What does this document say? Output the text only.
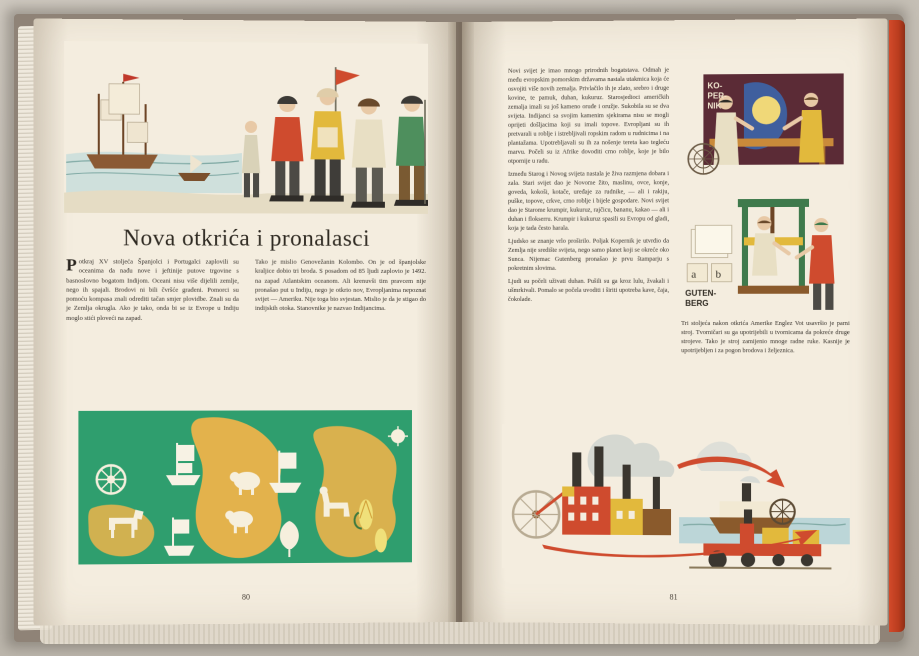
Nova otkrića i pronalasci

Potkraj XV stoljeća Španjolci i Portugalci zaplovili su oceanima da nađu nove i jeftinije putove trgovine s basnoslovno bogatom Indijom. Oceani nisu više dijelili zemlje, nego ih spajali. Brodovi ni bili čvršće građeni. Pomorci su pomoću kompasa znali odrediti tačan smjer plovidbe. Znali su da je Zemlja okrugla. Ako je tako, onda bi se iz Evrope u Indiju moglo stići ploveći na zapad.

Tako je mislio Genovežanin Kolombo. On je od španjolske kraljice dobio tri broda. S posadom od 85 ljudi zaplovio je 1492. na zapad Atlantskim oceanom. Ali krenuvši tim pravcem nije pronašao put u Indiju, nego je otkrio nov, Evropljanima nepoznat svijet — Ameriku. Nije toga bio svjestan. Mislio je da je stigao do indijskih otoka. Stanovnike je nazvao Indijancima.

80

Novi svijet je imao mnogo prirodnih bogatstava. Odmah je među evropskim pomorskim državama nastala utakmica koja će osvojiti više novih zemalja. Privlačilo ih je zlato, srebro i druge kovine, te pamuk, duhan, kukuruz. Starosjedioci američkih zemalja imali su još kameno oruđe i oružje. Sukobila su se dva svijeta. Indijanci sa svojim kamenim sjekirama nisu se mogli oprijeti došljacima koji su imali topove. Evropljani su ih pretvarali u roblje i istrebljivali ropskim radom u rudnicima i na plantažama. Upotrebljavali su ih za nošenje tereta kao tegleću marvu. Počeli su iz Afrike dovoditi crno roblje, koje je bilo otpornije u radu.

Između Starog i Novog svijeta nastala je živa razmjena dobara i zala. Stari svijet dao je Novome žito, maslinu, ovce, konje, goveda, kokoši, kotače, uređaje za rudnike, — ali i rakiju, puške, topove, crkve, crno roblje i bijele gospodare. Novi svijet dao je Starome krumpir, kukuruz, rajčicu, bananu, kakao — ali i duhan i flokserru. Krumpir i kukuruz spasili su Evropu od gladi, koja je tada često harala.

Ljudsko se znanje vrlo proširilo. Poljak Kopernik je utvrdio da Zemlja nije središte svijeta, nego samo planet koji se okreće oko Sunca. Nijemac Gutenberg pronašao je prvu štamparju s pokretnim slovima.

Ljudi su počeli uživati duhan. Pušili su ga kroz lulu, žvakali i ušmrkivali. Pomalo se počela uvoditi i širiti upotreba kave, čaja, čokolade.

KO-
PER-
NIK
a b
GUTEN-
BERG
Tri stoljeća nakon otkrića Amerike Englez Vot usavršio je parni stroj. Tvorničari su ga upotrijebili u tvornicama da pokreće druge strojeve. Tako je stroj zamijenio mnoge radne ruke. Kasnije je upotrijebljen i za pogon brodova i željeznica.
81
